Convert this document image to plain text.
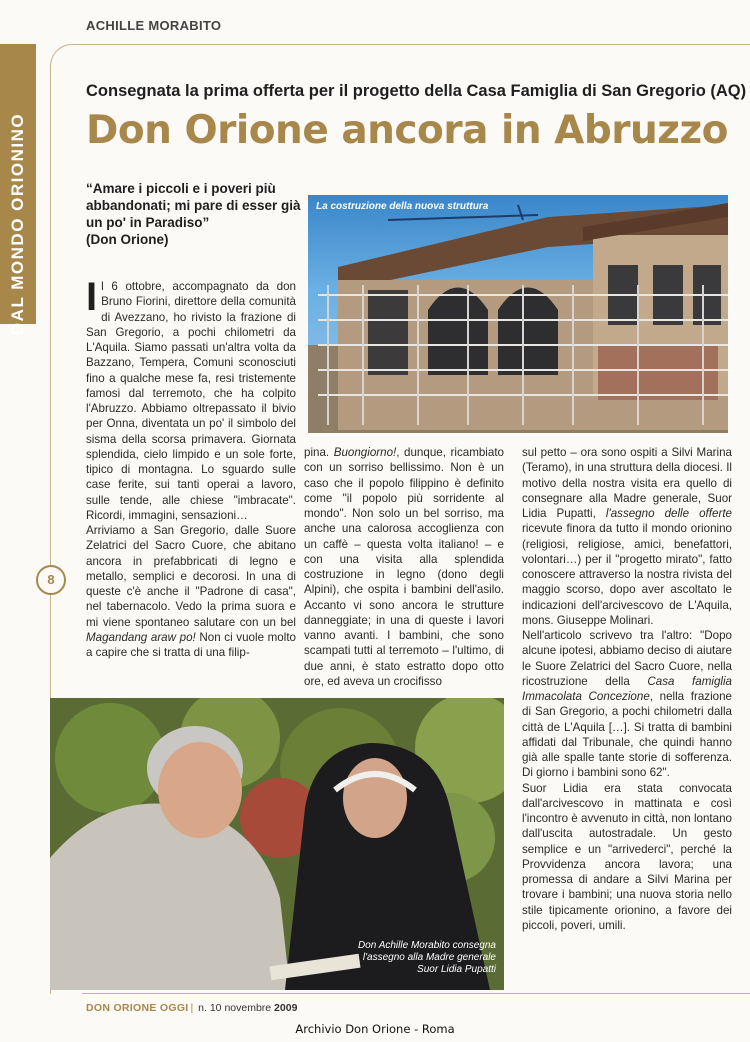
ACHILLE MORABITO
DAL MONDO ORIONINO
8
Consegnata la prima offerta per il progetto della Casa Famiglia di San Gregorio (AQ)
Don Orione ancora in Abruzzo
“Amare i piccoli e i poveri più abbandonati; mi pare di esser già un po' in Paradiso”
(Don Orione)

Il 6 ottobre, accompagnato da don Bruno Fiorini, direttore della comunità di Avezzano, ho rivisto la frazione di San Gregorio, a pochi chilometri da L'Aquila. Siamo passati un'altra volta da Bazzano, Tempera, Comuni sconosciuti fino a qualche mese fa, resi tristemente famosi dal terremoto, che ha colpito l'Abruzzo. Abbiamo oltrepassato il bivio per Onna, diventata un po' il simbolo del sisma della scorsa primavera. Giornata splendida, cielo limpido e un sole forte, tipico di montagna. Lo sguardo sulle case ferite, sui tanti operai a lavoro, sulle tende, alle chiese "imbracate". Ricordi, immagini, sensazioni…

Arriviamo a San Gregorio, dalle Suore Zelatrici del Sacro Cuore, che abitano ancora in prefabbricati di legno e metallo, semplici e decorosi. In una di queste c'è anche il "Padrone di casa", nel tabernacolo. Vedo la prima suora e mi viene spontaneo salutare con un bel Magandang araw po! Non ci vuole molto a capire che si tratta di una filip-

La costruzione della nuova struttura

pina. Buongiorno!, dunque, ricambiato con un sorriso bellissimo. Non è un caso che il popolo filippino è definito come "il popolo più sorridente al mondo". Non solo un bel sorriso, ma anche una calorosa accoglienza con un caffè – questa volta italiano! – e con una visita alla splendida costruzione in legno (dono degli Alpini), che ospita i bambini dell'asilo. Accanto vi sono ancora le strutture danneggiate; in una di queste i lavori vanno avanti. I bambini, che sono scampati tutti al terremoto – l'ultimo, di due anni, è stato estratto dopo otto ore, ed aveva un crocifisso

sul petto – ora sono ospiti a Silvi Marina (Teramo), in una struttura della diocesi. Il motivo della nostra visita era quello di consegnare alla Madre generale, Suor Lidia Pupatti, l'assegno delle offerte ricevute finora da tutto il mondo orionino (religiosi, religiose, amici, benefattori, volontari…) per il "progetto mirato", fatto conoscere attraverso la nostra rivista del maggio scorso, dopo aver ascoltato le indicazioni dell'arcivescovo de L'Aquila, mons. Giuseppe Molinari.

Nell'articolo scrivevo tra l'altro: "Dopo alcune ipotesi, abbiamo deciso di aiutare le Suore Zelatrici del Sacro Cuore, nella ricostruzione della Casa famiglia Immacolata Concezione, nella frazione di San Gregorio, a pochi chilometri dalla città de L'Aquila […]. Si tratta di bambini affidati dal Tribunale, che quindi hanno già alle spalle tante storie di sofferenza. Di giorno i bambini sono 62".

Suor Lidia era stata convocata dall'arcivescovo in mattinata e così l'incontro è avvenuto in città, non lontano dall'uscita autostradale. Un gesto semplice e un "arrivederci", perché la Provvidenza ancora lavora; una promessa di andare a Silvi Marina per trovare i bambini; una nuova storia nello stile tipicamente orionino, a favore dei piccoli, poveri, umili.

Don Achille Morabito consegna
l'assegno alla Madre generale
Suor Lidia Pupatti
DON ORIONE OGGI | n. 10 novembre 2009
Archivio Don Orione - Roma
